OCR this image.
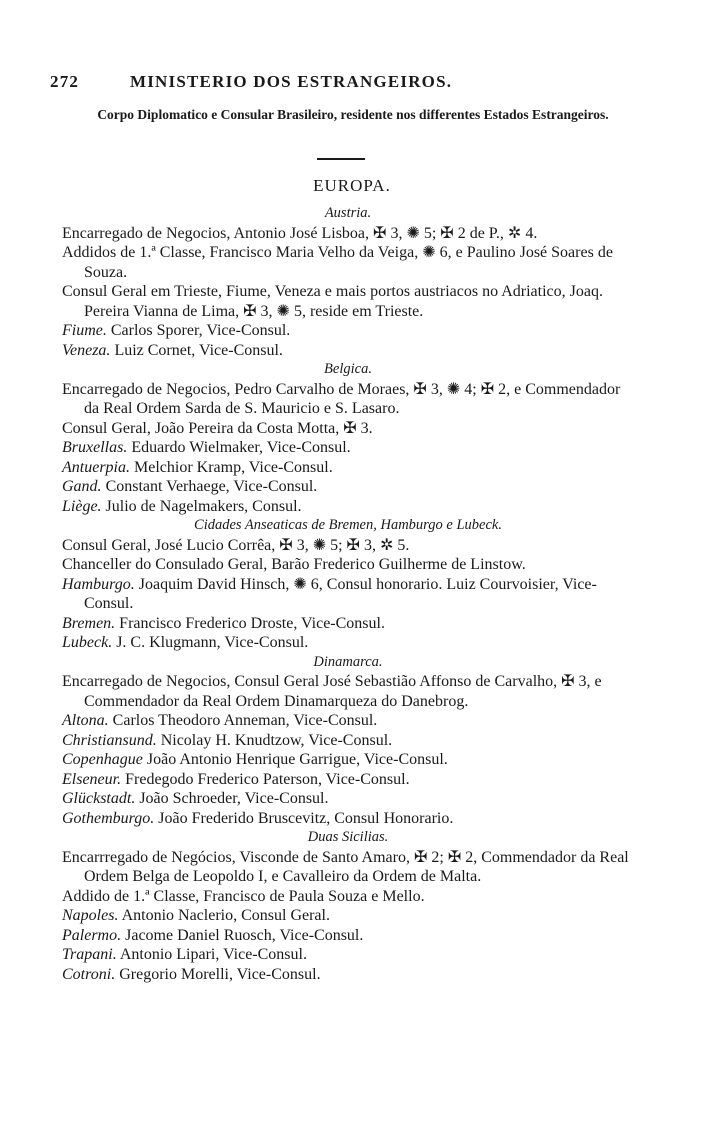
272	MINISTERIO DOS ESTRANGEIROS.
Corpo Diplomatico e Consular Brasileiro, residente nos differentes Estados Estrangeiros.
EUROPA.

Austria.

Encarregado de Negocios, Antonio José Lisboa, ✠ 3, ✺ 5; ✠ 2 de P., ✲ 4.

Addidos de 1.ª Classe, Francisco Maria Velho da Veiga, ✺ 6, e Paulino José Soares de Souza.

Consul Geral em Trieste, Fiume, Veneza e mais portos austriacos no Adriatico, Joaq. Pereira Vianna de Lima, ✠ 3, ✺ 5, reside em Trieste.

Fiume. Carlos Sporer, Vice-Consul.

Veneza. Luiz Cornet, Vice-Consul.

Belgica.

Encarregado de Negocios, Pedro Carvalho de Moraes, ✠ 3, ✺ 4; ✠ 2, e Commendador da Real Ordem Sarda de S. Mauricio e S. Lasaro.

Consul Geral, João Pereira da Costa Motta, ✠ 3.

Bruxellas. Eduardo Wielmaker, Vice-Consul.

Antuerpia. Melchior Kramp, Vice-Consul.

Gand. Constant Verhaege, Vice-Consul.

Liège. Julio de Nagelmakers, Consul.

Cidades Anseaticas de Bremen, Hamburgo e Lubeck.

Consul Geral, José Lucio Corrêa, ✠ 3, ✺ 5; ✠ 3, ✲ 5.

Chanceller do Consulado Geral, Barão Frederico Guilherme de Linstow.

Hamburgo. Joaquim David Hinsch, ✺ 6, Consul honorario. Luiz Courvoisier, Vice-Consul.

Bremen. Francisco Frederico Droste, Vice-Consul.

Lubeck. J. C. Klugmann, Vice-Consul.

Dinamarca.

Encarregado de Negocios, Consul Geral José Sebastião Affonso de Carvalho, ✠ 3, e Commendador da Real Ordem Dinamarqueza do Danebrog.

Altona. Carlos Theodoro Anneman, Vice-Consul.

Christiansund. Nicolay H. Knudtzow, Vice-Consul.

Copenhague João Antonio Henrique Garrigue, Vice-Consul.

Elseneur. Fredegodo Frederico Paterson, Vice-Consul.

Glückstadt. João Schroeder, Vice-Consul.

Gothemburgo. João Frederido Bruscevitz, Consul Honorario.

Duas Sicilias.

Encarrregado de Negócios, Visconde de Santo Amaro, ✠ 2; ✠ 2, Commendador da Real Ordem Belga de Leopoldo I, e Cavalleiro da Ordem de Malta.

Addido de 1.ª Classe, Francisco de Paula Souza e Mello.

Napoles. Antonio Naclerio, Consul Geral.

Palermo. Jacome Daniel Ruosch, Vice-Consul.

Trapani. Antonio Lipari, Vice-Consul.

Cotroni. Gregorio Morelli, Vice-Consul.
